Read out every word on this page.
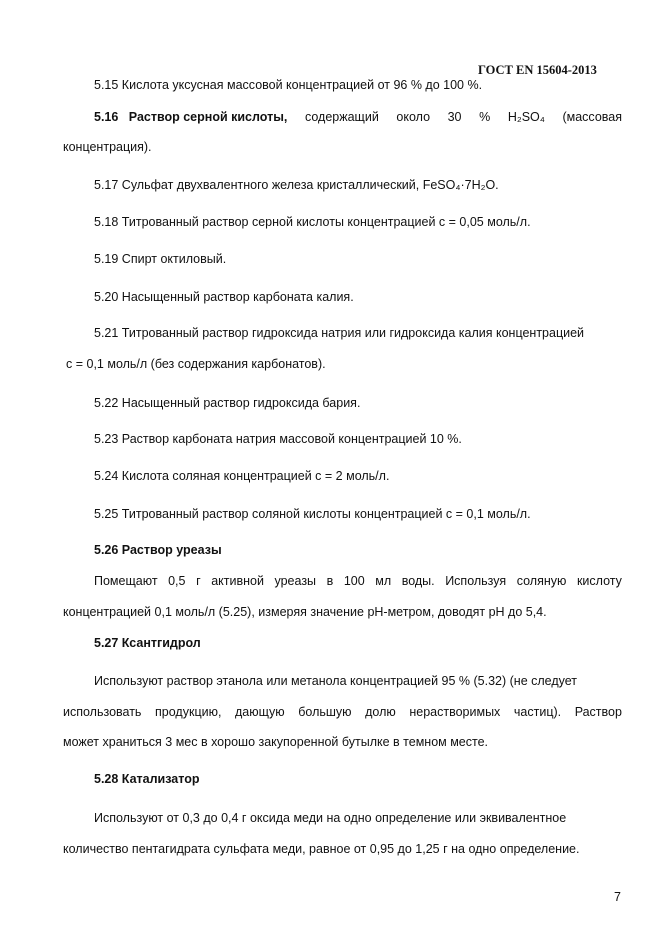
ГОСТ EN 15604-2013
5.15 Кислота уксусная массовой концентрацией от 96 % до 100 %.
5.16 Раствор серной кислоты, содержащий около 30 % H₂SO₄ (массовая
концентрация).
5.17 Сульфат двухвалентного железа кристаллический, FeSO₄·7H₂O.
5.18 Титрованный раствор серной кислоты концентрацией c = 0,05 моль/л.
5.19 Спирт октиловый.
5.20 Насыщенный раствор карбоната калия.
5.21 Титрованный раствор гидроксида натрия или гидроксида калия концентрацией
c = 0,1 моль/л (без содержания карбонатов).
5.22 Насыщенный раствор гидроксида бария.
5.23 Раствор карбоната натрия массовой концентрацией 10 %.
5.24 Кислота соляная концентрацией c = 2 моль/л.
5.25 Титрованный раствор соляной кислоты концентрацией c = 0,1 моль/л.
5.26 Раствор уреазы
Помещают 0,5 г активной уреазы в 100 мл воды. Используя соляную кислоту
концентрацией 0,1 моль/л (5.25), измеряя значение pH-метром, доводят pH до 5,4.
5.27 Ксантгидрол
Используют раствор этанола или метанола концентрацией 95 % (5.32) (не следует
использовать продукцию, дающую большую долю нерастворимых частиц). Раствор
может храниться 3 мес в хорошо закупоренной бутылке в темном месте.
5.28 Катализатор
Используют от 0,3 до 0,4 г оксида меди на одно определение или эквивалентное
количество пентагидрата сульфата меди, равное от 0,95 до 1,25 г на одно определение.
7
